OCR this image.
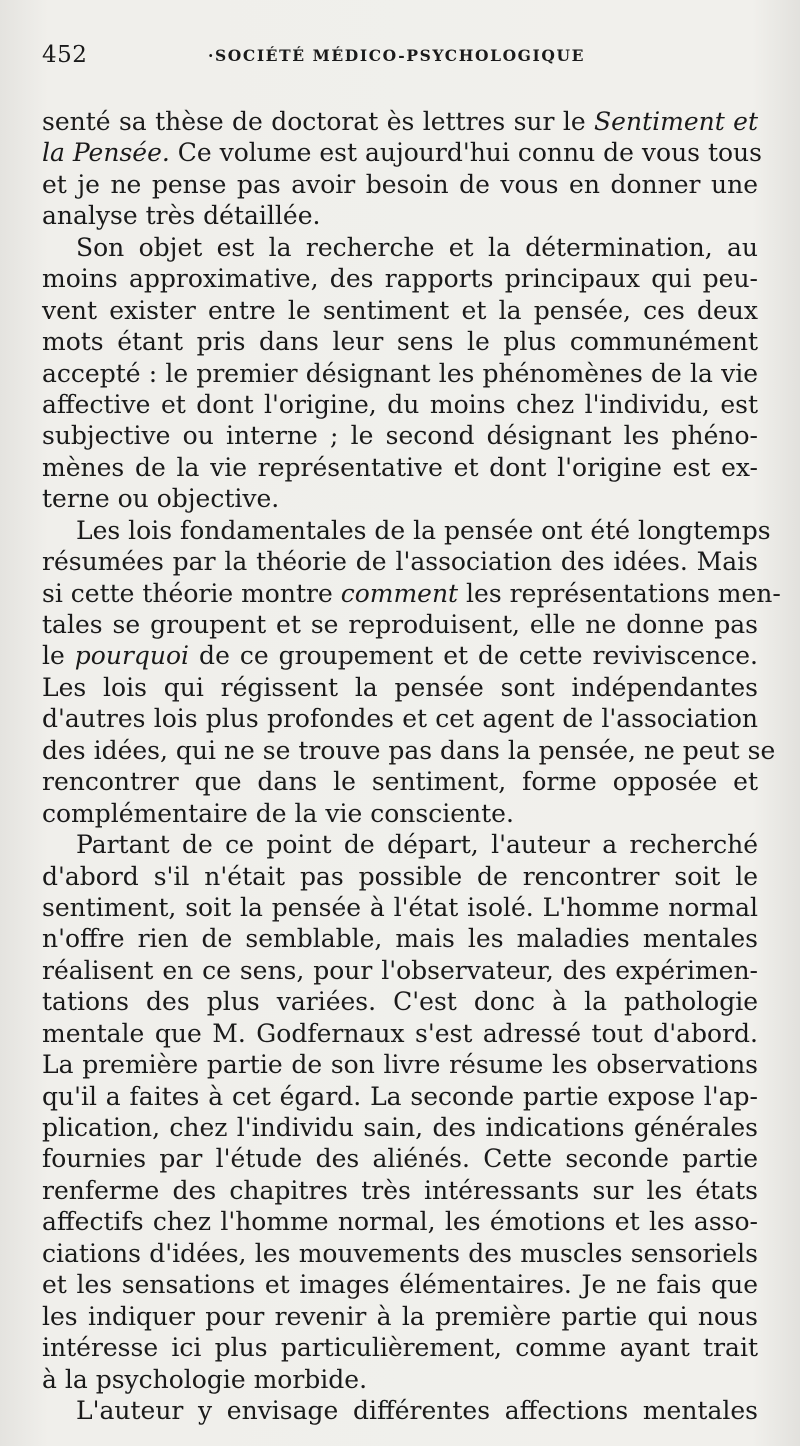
452	·SOCIÉTÉ MÉDICO-PSYCHOLOGIQUE
senté sa thèse de doctorat ès lettres sur le Sentiment et
la Pensée. Ce volume est aujourd'hui connu de vous tous
et je ne pense pas avoir besoin de vous en donner une
analyse très détaillée.
Son objet est la recherche et la détermination, au
moins approximative, des rapports principaux qui peu-
vent exister entre le sentiment et la pensée, ces deux
mots étant pris dans leur sens le plus communément
accepté : le premier désignant les phénomènes de la vie
affective et dont l'origine, du moins chez l'individu, est
subjective ou interne ; le second désignant les phéno-
mènes de la vie représentative et dont l'origine est ex-
terne ou objective.
Les lois fondamentales de la pensée ont été longtemps
résumées par la théorie de l'association des idées. Mais
si cette théorie montre comment les représentations men-
tales se groupent et se reproduisent, elle ne donne pas
le pourquoi de ce groupement et de cette reviviscence.
Les lois qui régissent la pensée sont indépendantes
d'autres lois plus profondes et cet agent de l'association
des idées, qui ne se trouve pas dans la pensée, ne peut se
rencontrer que dans le sentiment, forme opposée et
complémentaire de la vie consciente.
Partant de ce point de départ, l'auteur a recherché
d'abord s'il n'était pas possible de rencontrer soit le
sentiment, soit la pensée à l'état isolé. L'homme normal
n'offre rien de semblable, mais les maladies mentales
réalisent en ce sens, pour l'observateur, des expérimen-
tations des plus variées. C'est donc à la pathologie
mentale que M. Godfernaux s'est adressé tout d'abord.
La première partie de son livre résume les observations
qu'il a faites à cet égard. La seconde partie expose l'ap-
plication, chez l'individu sain, des indications générales
fournies par l'étude des aliénés. Cette seconde partie
renferme des chapitres très intéressants sur les états
affectifs chez l'homme normal, les émotions et les asso-
ciations d'idées, les mouvements des muscles sensoriels
et les sensations et images élémentaires. Je ne fais que
les indiquer pour revenir à la première partie qui nous
intéresse ici plus particulièrement, comme ayant trait
à la psychologie morbide.
L'auteur y envisage différentes affections mentales
